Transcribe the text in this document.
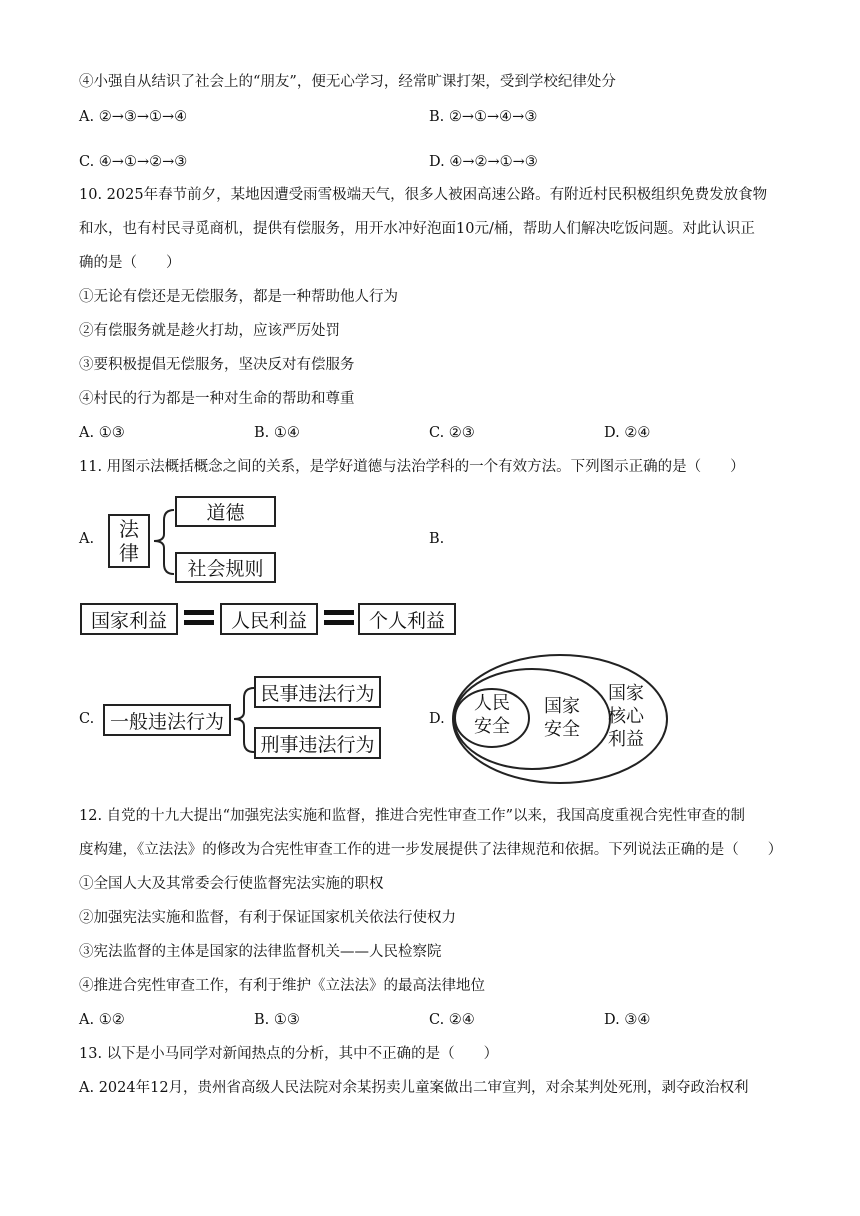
④小强自从结识了社会上的“朋友”，便无心学习，经常旷课打架，受到学校纪律处分
A. ②→③→①→④	B. ②→①→④→③
C. ④→①→②→③	D. ④→②→①→③
10. 2025年春节前夕，某地因遭受雨雪极端天气，很多人被困高速公路。有附近村民积极组织免费发放食物
和水，也有村民寻觅商机，提供有偿服务，用开水冲好泡面10元/桶，帮助人们解决吃饭问题。对此认识正
确的是（　　）
①无论有偿还是无偿服务，都是一种帮助他人行为
②有偿服务就是趁火打劫，应该严厉处罚
③要积极提倡无偿服务，坚决反对有偿服务
④村民的行为都是一种对生命的帮助和尊重
A. ①③	B. ①④	C. ②③	D. ②④
11. 用图示法概括概念之间的关系，是学好道德与法治学科的一个有效方法。下列图示正确的是（　　）
A. 法
律
道德
社会规则
B.
国家利益	人民利益	个人利益
C. 一般违法行为
民事违法行为
刑事违法行为
D.
人民
安全
国家
安全
国家
核心
利益
12. 自党的十九大提出“加强宪法实施和监督，推进合宪性审查工作”以来，我国高度重视合宪性审查的制
度构建，《立法法》的修改为合宪性审查工作的进一步发展提供了法律规范和依据。下列说法正确的是（　　）
①全国人大及其常委会行使监督宪法实施的职权
②加强宪法实施和监督，有利于保证国家机关依法行使权力
③宪法监督的主体是国家的法律监督机关——人民检察院
④推进合宪性审查工作，有利于维护《立法法》的最高法律地位
A. ①②	B. ①③	C. ②④	D. ③④
13. 以下是小马同学对新闻热点的分析，其中不正确的是（　　）
A. 2024年12月，贵州省高级人民法院对余某拐卖儿童案做出二审宣判，对余某判处死刑，剥夺政治权利
